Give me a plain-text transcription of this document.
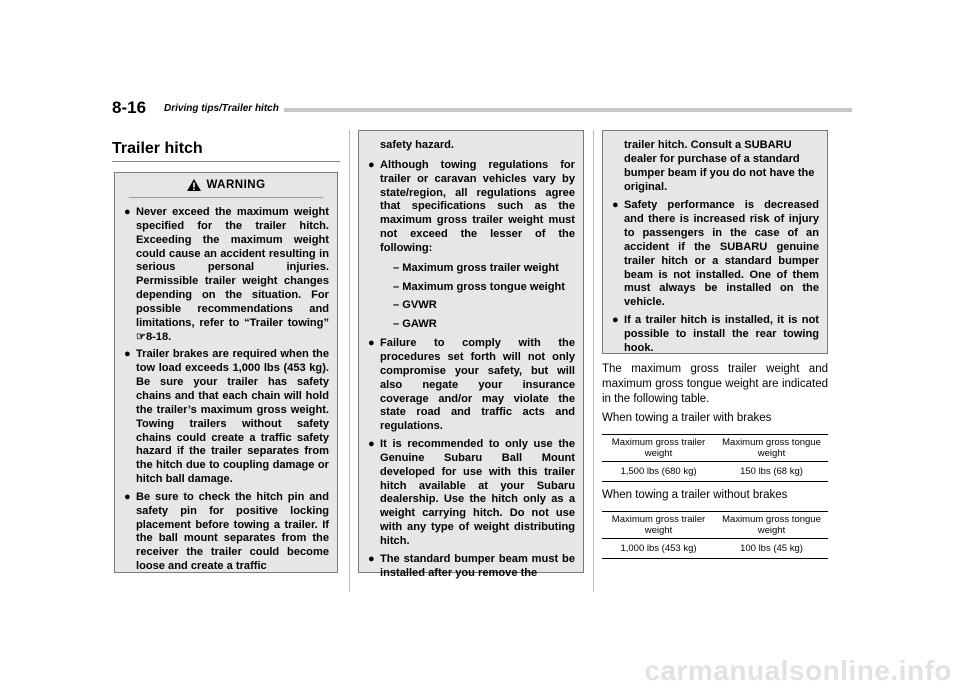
8-16 Driving tips/Trailer hitch
Trailer hitch
WARNING
● Never exceed the maximum weight specified for the trailer hitch. Exceeding the maximum weight could cause an accident resulting in serious personal injuries. Permissible trailer weight changes depending on the situation. For possible recommendations and limitations, refer to “Trailer towing” ☞8-18.
● Trailer brakes are required when the tow load exceeds 1,000 lbs (453 kg). Be sure your trailer has safety chains and that each chain will hold the trailer’s maximum gross weight. Towing trailers without safety chains could create a traffic safety hazard if the trailer separates from the hitch due to coupling damage or hitch ball damage.
● Be sure to check the hitch pin and safety pin for positive locking placement before towing a trailer. If the ball mount separates from the receiver the trailer could become loose and create a traffic
safety hazard.
● Although towing regulations for trailer or caravan vehicles vary by state/region, all regulations agree that specifications such as the maximum gross trailer weight must not exceed the lesser of the following:
– Maximum gross trailer weight
– Maximum gross tongue weight
– GVWR
– GAWR
● Failure to comply with the procedures set forth will not only compromise your safety, but will also negate your insurance coverage and/or may violate the state road and traffic acts and regulations.
● It is recommended to only use the Genuine Subaru Ball Mount developed for use with this trailer hitch available at your Subaru dealership. Use the hitch only as a weight carrying hitch. Do not use with any type of weight distributing hitch.
● The standard bumper beam must be installed after you remove the
trailer hitch. Consult a SUBARU dealer for purchase of a standard bumper beam if you do not have the original.
● Safety performance is decreased and there is increased risk of injury to passengers in the case of an accident if the SUBARU genuine trailer hitch or a standard bumper beam is not installed. One of them must always be installed on the vehicle.
● If a trailer hitch is installed, it is not possible to install the rear towing hook.
The maximum gross trailer weight and maximum gross tongue weight are indicated in the following table.
When towing a trailer with brakes
Maximum gross trailer weight	Maximum gross tongue weight
1,500 lbs (680 kg)	150 lbs (68 kg)
When towing a trailer without brakes
Maximum gross trailer weight	Maximum gross tongue weight
1,000 lbs (453 kg)	100 lbs (45 kg)
carmanualsonline.info
